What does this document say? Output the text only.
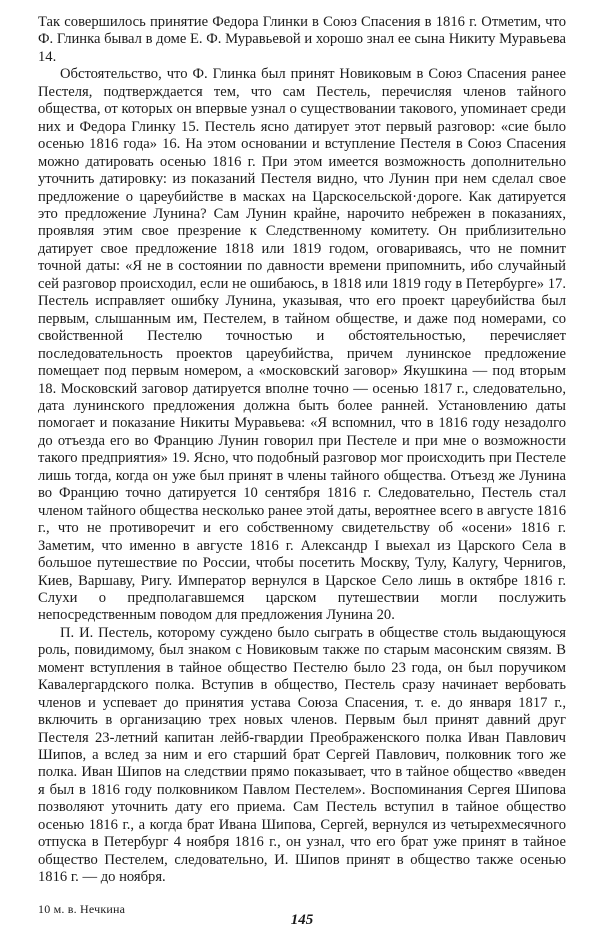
Так совершилось принятие Федора Глинки в Союз Спасения в 1816 г. Отметим, что Ф. Глинка бывал в доме Е. Ф. Муравьевой и хорошо знал ее сына Никиту Муравьева 14.

Обстоятельство, что Ф. Глинка был принят Новиковым в Союз Спасения ранее Пестеля, подтверждается тем, что сам Пестель, перечисляя членов тайного общества, от которых он впервые узнал о существовании такового, упоминает среди них и Федора Глинку 15. Пестель ясно датирует этот первый разговор: «сие было осенью 1816 года» 16. На этом основании и вступление Пестеля в Союз Спасения можно датировать осенью 1816 г. При этом имеется возможность дополнительно уточнить датировку: из показаний Пестеля видно, что Лунин при нем сделал свое предложение о цареубийстве в масках на Царскосельской·дороге. Как датируется это предложение Лунина? Сам Лунин крайне, нарочито небрежен в показаниях, проявляя этим свое презрение к Следственному комитету. Он приблизительно датирует свое предложение 1818 или 1819 годом, оговариваясь, что не помнит точной даты: «Я не в состоянии по давности времени припомнить, ибо случайный сей разговор происходил, если не ошибаюсь, в 1818 или 1819 году в Петербурге» 17. Пестель исправляет ошибку Лунина, указывая, что его проект цареубийства был первым, слышанным им, Пестелем, в тайном обществе, и даже под номерами, со свойственной Пестелю точностью и обстоятельностью, перечисляет последовательность проектов цареубийства, причем лунинское предложение помещает под первым номером, а «московский заговор» Якушкина — под вторым 18. Московский заговор датируется вполне точно — осенью 1817 г., следовательно, дата лунинского предложения должна быть более ранней. Установлению даты помогает и показание Никиты Муравьева: «Я вспомнил, что в 1816 году незадолго до отъезда его во Францию Лунин говорил при Пестеле и при мне о возможности такого предприятия» 19. Ясно, что подобный разговор мог происходить при Пестеле лишь тогда, когда он уже был принят в члены тайного общества. Отъезд же Лунина во Францию точно датируется 10 сентября 1816 г. Следовательно, Пестель стал членом тайного общества несколько ранее этой даты, вероятнее всего в августе 1816 г., что не противоречит и его собственному свидетельству об «осени» 1816 г. Заметим, что именно в августе 1816 г. Александр I выехал из Царского Села в большое путешествие по России, чтобы посетить Москву, Тулу, Калугу, Чернигов, Киев, Варшаву, Ригу. Император вернулся в Царское Село лишь в октябре 1816 г. Слухи о предполагавшемся царском путешествии могли послужить непосредственным поводом для предложения Лунина 20.

П. И. Пестель, которому суждено было сыграть в обществе столь выдающуюся роль, повидимому, был знаком с Новиковым также по старым масонским связям. В момент вступления в тайное общество Пестелю было 23 года, он был поручиком Кавалергардского полка. Вступив в общество, Пестель сразу начинает вербовать членов и успевает до принятия устава Союза Спасения, т. е. до января 1817 г., включить в организацию трех новых членов. Первым был принят давний друг Пестеля 23-летний капитан лейб-гвардии Преображенского полка Иван Павлович Шипов, а вслед за ним и его старший брат Сергей Павлович, полковник того же полка. Иван Шипов на следствии прямо показывает, что в тайное общество «введен я был в 1816 году полковником Павлом Пестелем». Воспоминания Сергея Шипова позволяют уточнить дату его приема. Сам Пестель вступил в тайное общество осенью 1816 г., а когда брат Ивана Шипова, Сергей, вернулся из четырехмесячного отпуска в Петербург 4 ноября 1816 г., он узнал, что его брат уже принят в тайное общество Пестелем, следовательно, И. Шипов принят в общество также осенью 1816 г. — до ноября.

10 м. в. Нечкина
145
